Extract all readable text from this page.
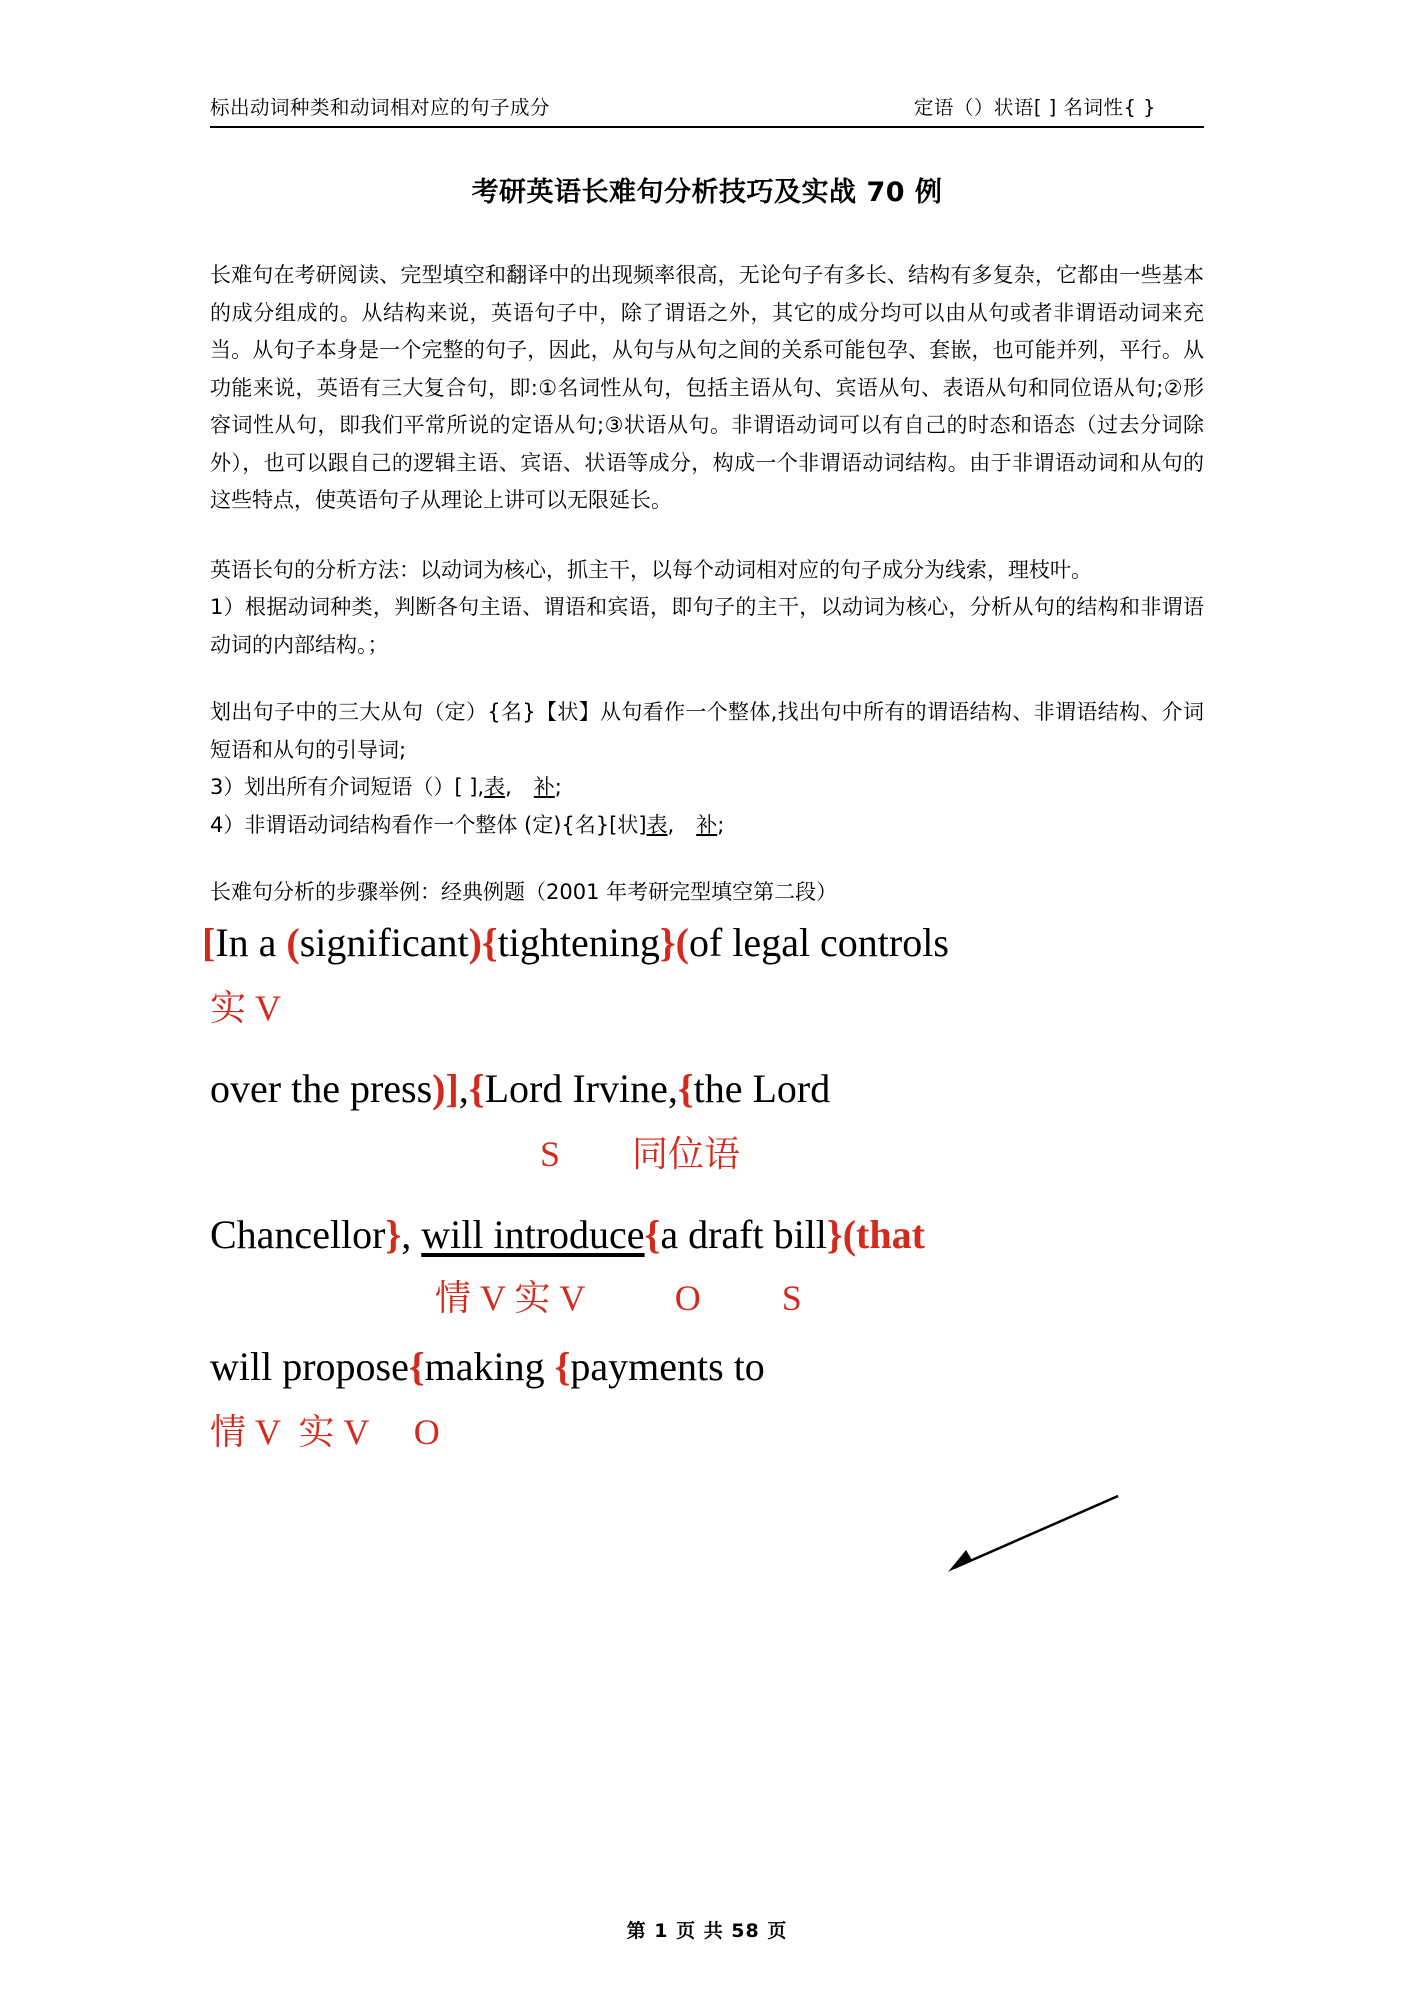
标出动词种类和动词相对应的句子成分	定语（）状语[ ] 名词性{ }
考研英语长难句分析技巧及实战 70 例

长难句在考研阅读、完型填空和翻译中的出现频率很高，无论句子有多长、结构有多复杂，它都由一些基本的成分组成的。从结构来说，英语句子中，除了谓语之外，其它的成分均可以由从句或者非谓语动词来充当。从句子本身是一个完整的句子，因此，从句与从句之间的关系可能包孕、套嵌，也可能并列，平行。从功能来说，英语有三大复合句，即:①名词性从句，包括主语从句、宾语从句、表语从句和同位语从句;②形容词性从句，即我们平常所说的定语从句;③状语从句。非谓语动词可以有自己的时态和语态（过去分词除外），也可以跟自己的逻辑主语、宾语、状语等成分，构成一个非谓语动词结构。由于非谓语动词和从句的这些特点，使英语句子从理论上讲可以无限延长。

英语长句的分析方法：以动词为核心，抓主干，以每个动词相对应的句子成分为线索，理枝叶。

1）根据动词种类，判断各句主语、谓语和宾语，即句子的主干，以动词为核心，分析从句的结构和非谓语动词的内部结构。；

划出句子中的三大从句（定）{名}【状】从句看作一个整体,找出句中所有的谓语结构、非谓语结构、介词短语和从句的引导词;

3）划出所有介词短语（）[ ],表, 补;

4）非谓语动词结构看作一个整体 (定){名}[状]表, 补;

长难句分析的步骤举例：经典例题（2001 年考研完型填空第二段）

[In a (significant){tightening}(of legal controls
实 V
over the press)],{Lord Irvine,{the Lord
S        同位语
Chancellor}, will introduce{a draft bill}(that
情 V 实 V          O         S
will propose{making {payments to
情 V  实 V     O
第 1 页 共 58 页
